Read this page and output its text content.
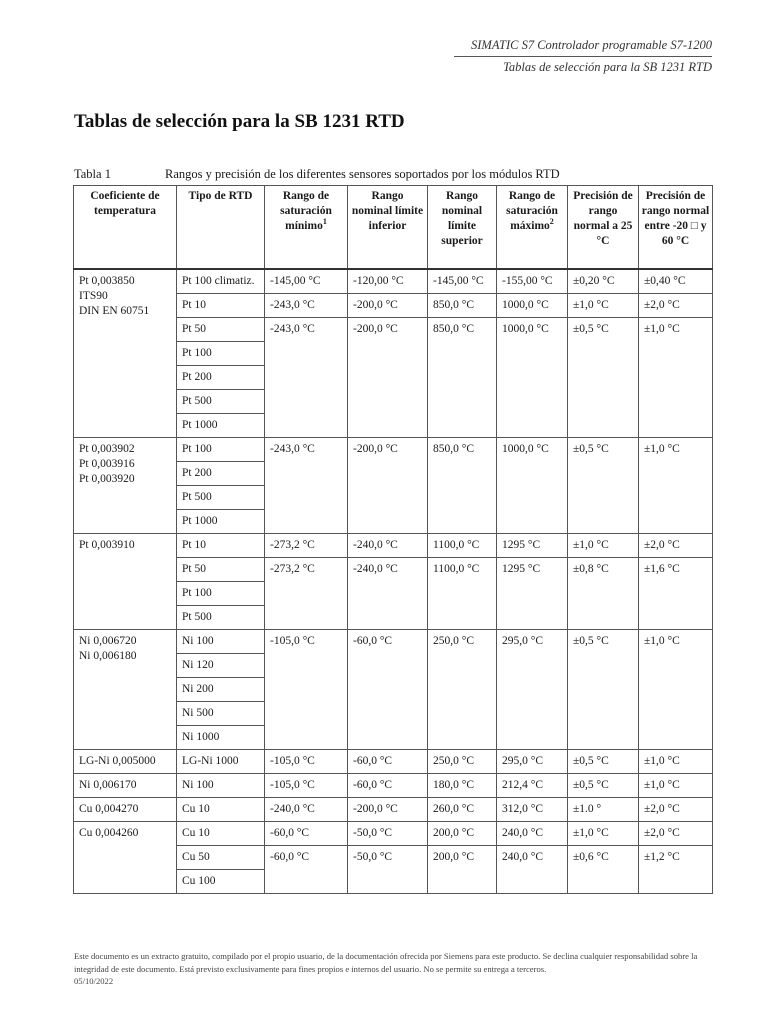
SIMATIC S7 Controlador programable S7-1200
Tablas de selección para la SB 1231 RTD
Tablas de selección para la SB 1231 RTD
Tabla 1	Rangos y precisión de los diferentes sensores soportados por los módulos RTD
Coeficiente de temperatura	Tipo de RTD	Rango de saturación mínimo$^1$	Rango nominal límite inferior	Rango nominal límite superior	Rango de saturación máximo$^2$	Precisión de rango normal a 25 °C	Precisión de rango normal entre -20 □ y 60 °C
Pt 0,003850
ITS90
DIN EN 60751	Pt 100 climatiz.	-145,00 °C	-120,00 °C	-145,00 °C	-155,00 °C	±0,20 °C	±0,40 °C
	Pt 10	-243,0 °C	-200,0 °C	850,0 °C	1000,0 °C	±1,0 °C	±2,0 °C
	Pt 50	-243,0 °C	-200,0 °C	850,0 °C	1000,0 °C	±0,5 °C	±1,0 °C
	Pt 100						
	Pt 200						
	Pt 500						
	Pt 1000						
Pt 0,003902
Pt 0,003916
Pt 0,003920	Pt 100	-243,0 °C	-200,0 °C	850,0 °C	1000,0 °C	±0,5 °C	±1,0 °C
	Pt 200						
	Pt 500						
	Pt 1000						
Pt 0,003910	Pt 10	-273,2 °C	-240,0 °C	1100,0 °C	1295 °C	±1,0 °C	±2,0 °C
	Pt 50	-273,2 °C	-240,0 °C	1100,0 °C	1295 °C	±0,8 °C	±1,6 °C
	Pt 100						
	Pt 500						
Ni 0,006720
Ni 0,006180	Ni 100	-105,0 °C	-60,0 °C	250,0 °C	295,0 °C	±0,5 °C	±1,0 °C
	Ni 120						
	Ni 200						
	Ni 500						
	Ni 1000						
LG-Ni 0,005000	LG-Ni 1000	-105,0 °C	-60,0 °C	250,0 °C	295,0 °C	±0,5 °C	±1,0 °C
Ni 0,006170	Ni 100	-105,0 °C	-60,0 °C	180,0 °C	212,4 °C	±0,5 °C	±1,0 °C
Cu 0,004270	Cu 10	-240,0 °C	-200,0 °C	260,0 °C	312,0 °C	±1.0 °	±2,0 °C
Cu 0,004260	Cu 10	-60,0 °C	-50,0 °C	200,0 °C	240,0 °C	±1,0 °C	±2,0 °C
	Cu 50	-60,0 °C	-50,0 °C	200,0 °C	240,0 °C	±0,6 °C	±1,2 °C
	Cu 100						
Este documento es un extracto gratuito, compilado por el propio usuario, de la documentación ofrecida por Siemens para este producto. Se declina cualquier responsabilidad sobre la integridad de este documento. Está previsto exclusivamente para fines propios e internos del usuario. No se permite su entrega a terceros.
05/10/2022
